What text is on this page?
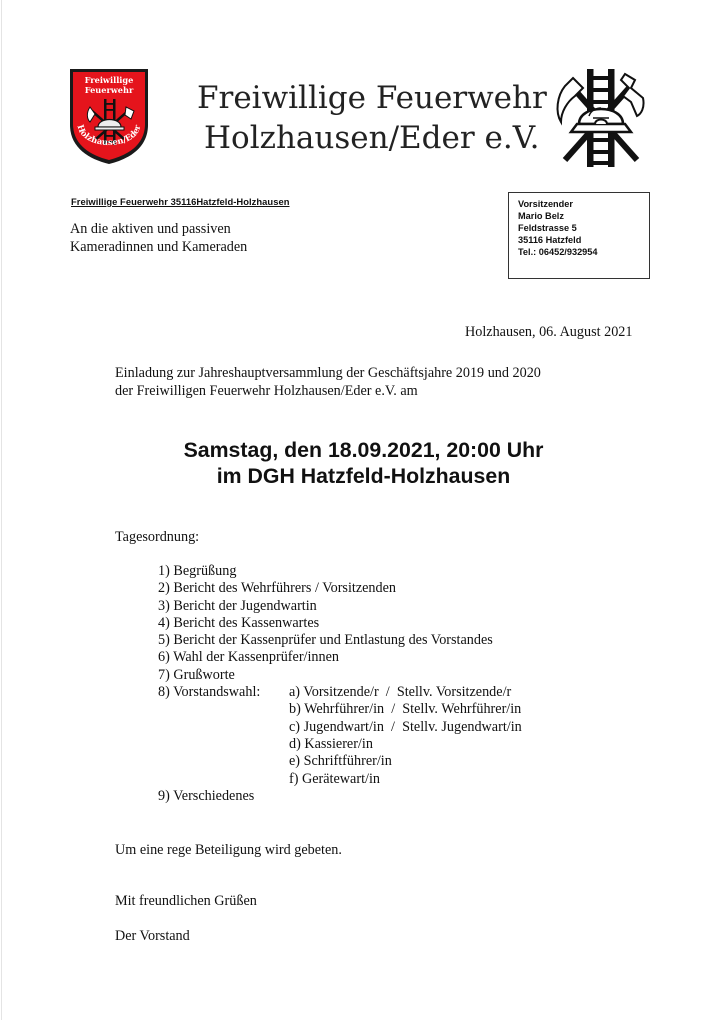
Freiwillige
Feuerwehr
Holzhausen/Eder
Freiwillige Feuerwehr
Holzhausen/Eder e.V.
Freiwillige Feuerwehr 35116Hatzfeld-Holzhausen
An die aktiven und passiven
Kameradinnen und Kameraden
Vorsitzender
Mario Belz
Feldstrasse 5
35116 Hatzfeld
Tel.: 06452/932954
Holzhausen, 06. August 2021
Einladung zur Jahreshauptversammlung der Geschäftsjahre 2019 und 2020
der Freiwilligen Feuerwehr Holzhausen/Eder e.V. am
Samstag, den 18.09.2021, 20:00 Uhr
im DGH Hatzfeld-Holzhausen
Tagesordnung:
1) Begrüßung
2) Bericht des Wehrführers / Vorsitzenden
3) Bericht der Jugendwartin
4) Bericht des Kassenwartes
5) Bericht der Kassenprüfer und Entlastung des Vorstandes
6) Wahl der Kassenprüfer/innen
7) Grußworte
8) Vorstandswahl: a) Vorsitzende/r  /  Stellv. Vorsitzende/r
b) Wehrführer/in  /  Stellv. Wehrführer/in
c) Jugendwart/in  /  Stellv. Jugendwart/in
d) Kassierer/in
e) Schriftführer/in
f) Gerätewart/in
9) Verschiedenes
Um eine rege Beteiligung wird gebeten.
Mit freundlichen Grüßen
Der Vorstand
